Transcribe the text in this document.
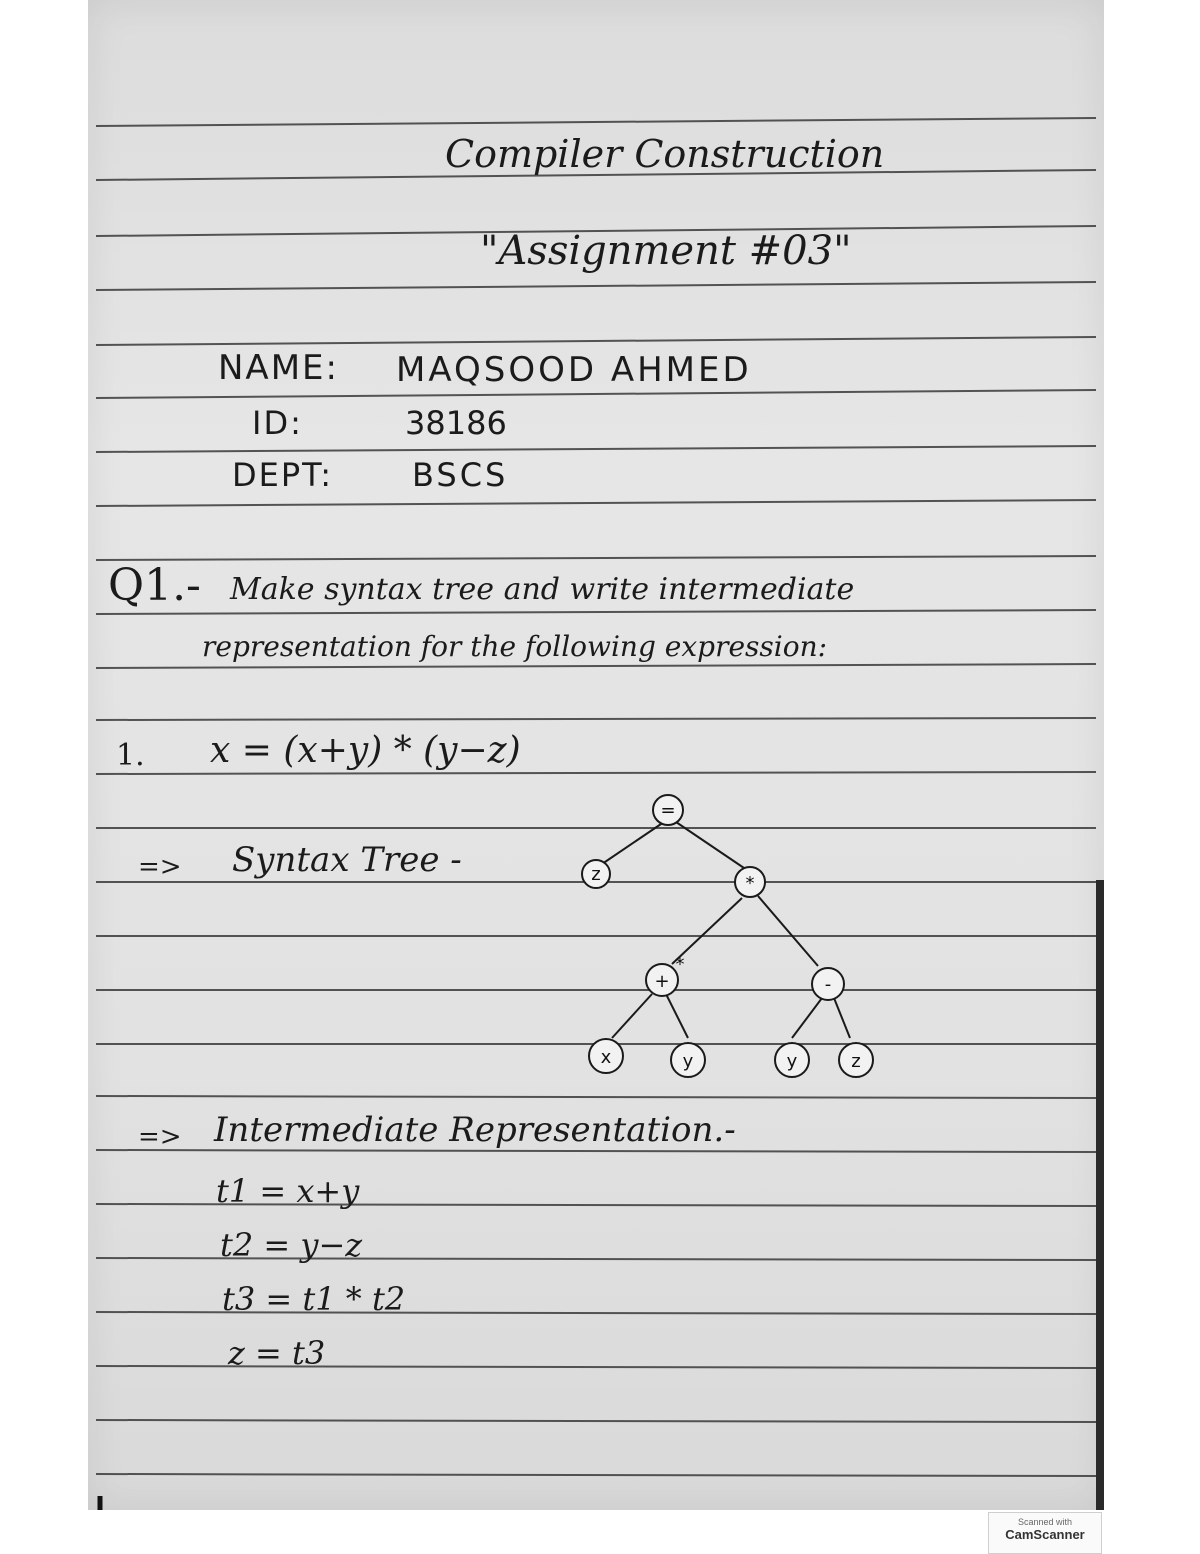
Compiler Construction
"Assignment #03"
NAME: MAQSOOD AHMED
ID:	38186
DEPT: BSCS
Q1.- Make syntax tree and write intermediate
representation for the following expression:
1. x = (x+y) * (y−z)
=> Syntax Tree -
=
z	*
+	-
x	y	y	z
*
=> Intermediate Representation.-
t1 = x+y
t2 = y−z
t3 = t1 * t2
z = t3
Scanned with
CamScanner
